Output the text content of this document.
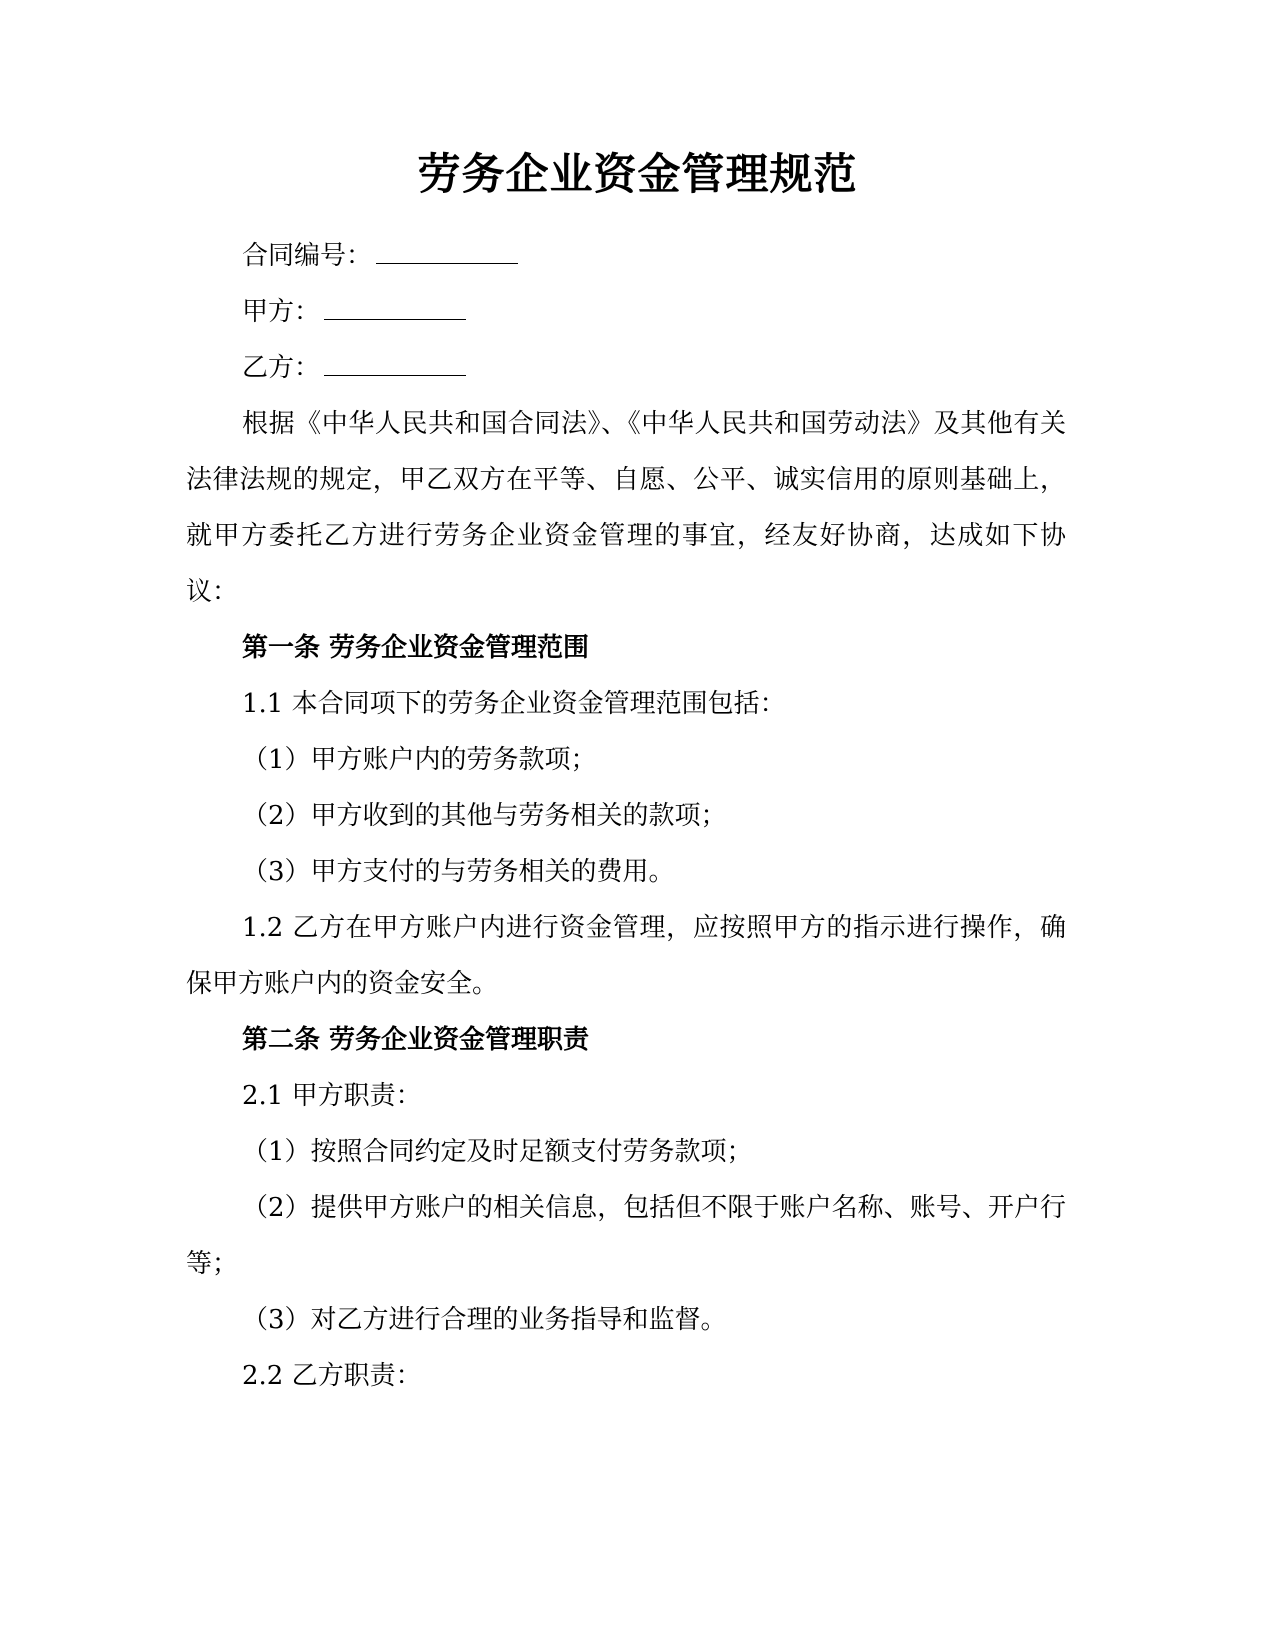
劳务企业资金管理规范

合同编号：

甲方：

乙方：

根据《中华人民共和国合同法》、《中华人民共和国劳动法》及其他有关法律法规的规定，甲乙双方在平等、自愿、公平、诚实信用的原则基础上，就甲方委托乙方进行劳务企业资金管理的事宜，经友好协商，达成如下协议：

第一条 劳务企业资金管理范围

1.1 本合同项下的劳务企业资金管理范围包括：

（1）甲方账户内的劳务款项；

（2）甲方收到的其他与劳务相关的款项；

（3）甲方支付的与劳务相关的费用。

1.2 乙方在甲方账户内进行资金管理，应按照甲方的指示进行操作，确保甲方账户内的资金安全。

第二条 劳务企业资金管理职责

2.1 甲方职责：

（1）按照合同约定及时足额支付劳务款项；

（2）提供甲方账户的相关信息，包括但不限于账户名称、账号、开户行等；

（3）对乙方进行合理的业务指导和监督。

2.2 乙方职责：
